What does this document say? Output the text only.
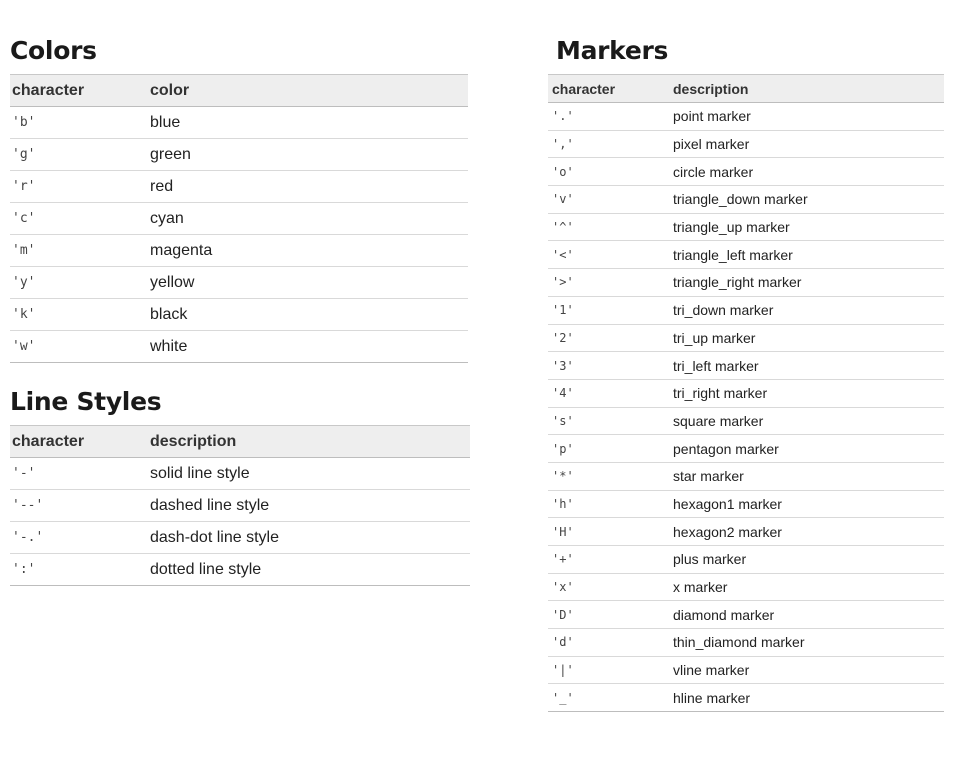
Colors
character	color
'b'	blue
'g'	green
'r'	red
'c'	cyan
'm'	magenta
'y'	yellow
'k'	black
'w'	white
Line Styles
character	description
'-'	solid line style
'--'	dashed line style
'-.'	dash-dot line style
':'	dotted line style
Markers
character	description
'.'	point marker
','	pixel marker
'o'	circle marker
'v'	triangle_down marker
'^'	triangle_up marker
'<'	triangle_left marker
'>'	triangle_right marker
'1'	tri_down marker
'2'	tri_up marker
'3'	tri_left marker
'4'	tri_right marker
's'	square marker
'p'	pentagon marker
'*'	star marker
'h'	hexagon1 marker
'H'	hexagon2 marker
'+'	plus marker
'x'	x marker
'D'	diamond marker
'd'	thin_diamond marker
'|'	vline marker
'_'	hline marker
